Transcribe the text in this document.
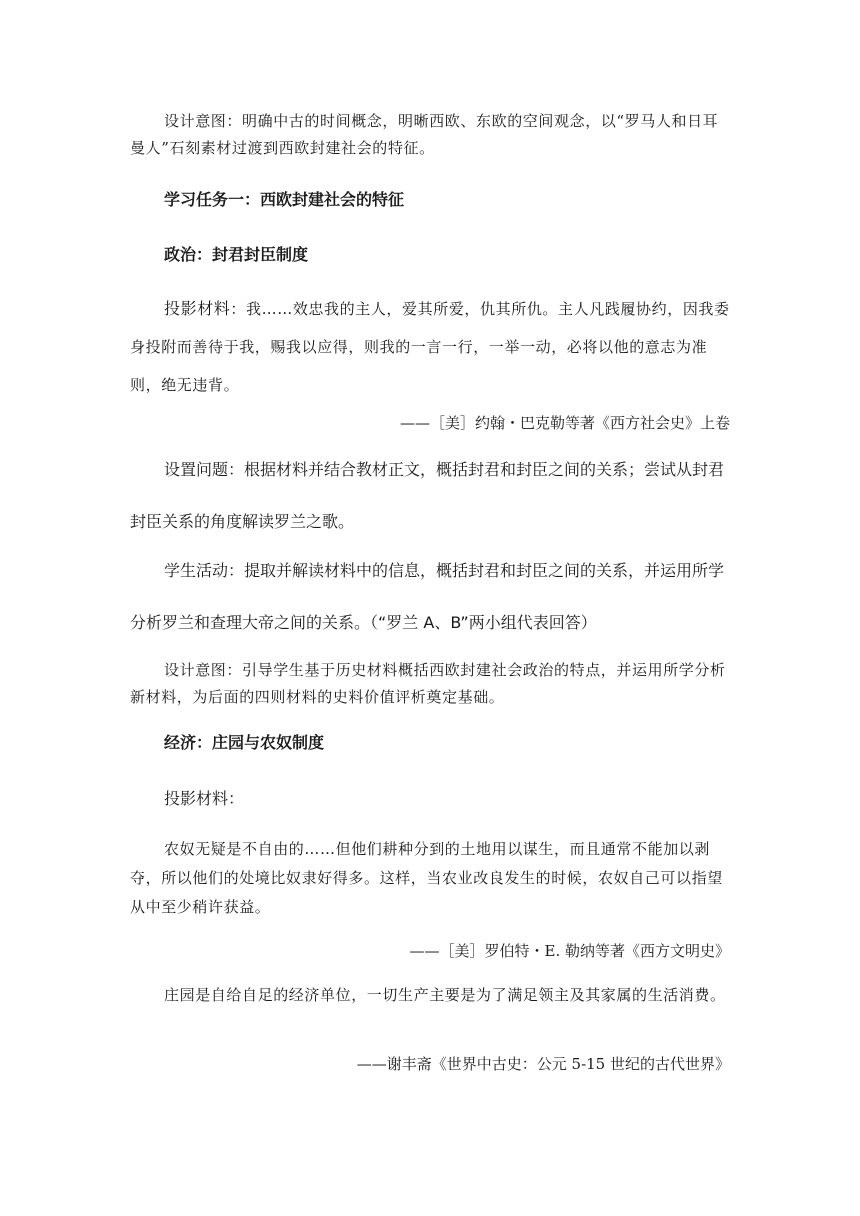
设计意图：明确中古的时间概念，明晰西欧、东欧的空间观念，以“罗马人和日耳曼人”石刻素材过渡到西欧封建社会的特征。
学习任务一：西欧封建社会的特征
政治：封君封臣制度
投影材料：我……效忠我的主人，爱其所爱，仇其所仇。主人凡践履协约，因我委身投附而善待于我，赐我以应得，则我的一言一行，一举一动，必将以他的意志为准则，绝无违背。
——［美］约翰・巴克勒等著《西方社会史》上卷
设置问题：根据材料并结合教材正文，概括封君和封臣之间的关系；尝试从封君封臣关系的角度解读罗兰之歌。
学生活动：提取并解读材料中的信息，概括封君和封臣之间的关系，并运用所学分析罗兰和查理大帝之间的关系。（“罗兰 A、B”两小组代表回答）
设计意图：引导学生基于历史材料概括西欧封建社会政治的特点，并运用所学分析新材料，为后面的四则材料的史料价值评析奠定基础。
经济：庄园与农奴制度
投影材料：
农奴无疑是不自由的……但他们耕种分到的土地用以谋生，而且通常不能加以剥夺，所以他们的处境比奴隶好得多。这样，当农业改良发生的时候，农奴自己可以指望从中至少稍许获益。
——［美］罗伯特・E. 勒纳等著《西方文明史》
庄园是自给自足的经济单位，一切生产主要是为了满足领主及其家属的生活消费。
——谢丰斋《世界中古史：公元 5-15 世纪的古代世界》
